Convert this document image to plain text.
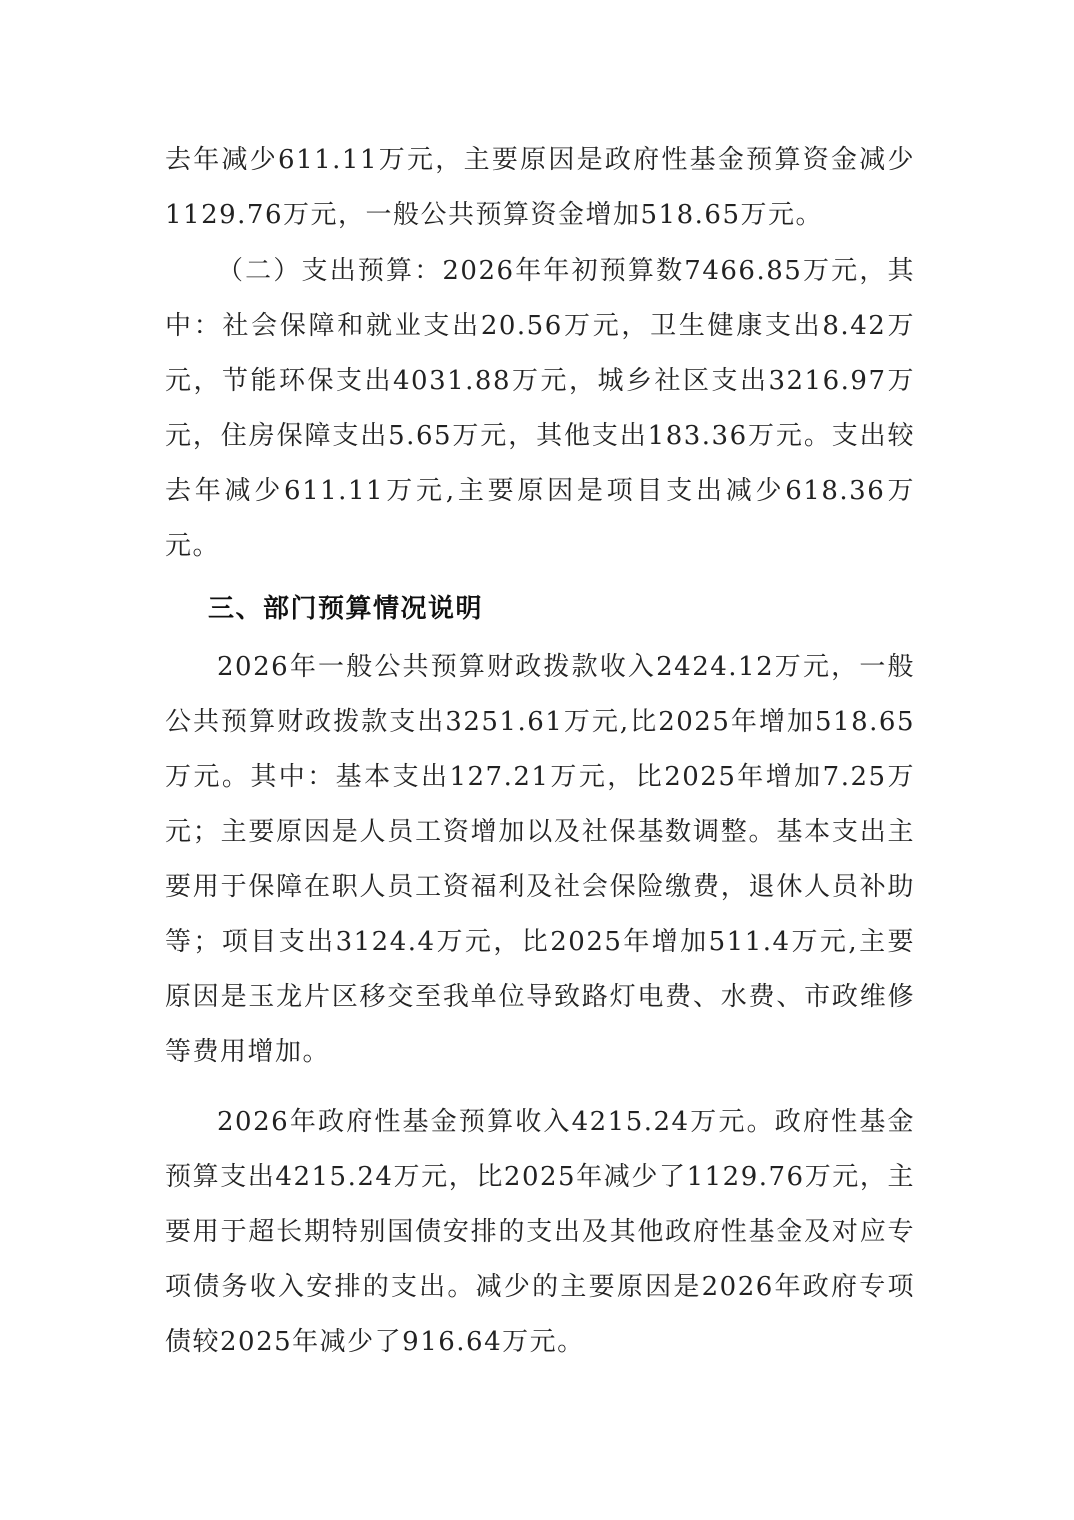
去年减少611.11万元，主要原因是政府性基金预算资金减少1129.76万元，一般公共预算资金增加518.65万元。

（二）支出预算：2026年年初预算数7466.85万元，其中：社会保障和就业支出20.56万元，卫生健康支出8.42万元，节能环保支出4031.88万元，城乡社区支出3216.97万元，住房保障支出5.65万元，其他支出183.36万元。支出较去年减少611.11万元,主要原因是项目支出减少618.36万元。

三、部门预算情况说明

2026年一般公共预算财政拨款收入2424.12万元，一般公共预算财政拨款支出3251.61万元,比2025年增加518.65万元。其中：基本支出127.21万元，比2025年增加7.25万元；主要原因是人员工资增加以及社保基数调整。基本支出主要用于保障在职人员工资福利及社会保险缴费，退休人员补助等；项目支出3124.4万元，比2025年增加511.4万元,主要原因是玉龙片区移交至我单位导致路灯电费、水费、市政维修等费用增加。

2026年政府性基金预算收入4215.24万元。政府性基金预算支出4215.24万元，比2025年减少了1129.76万元，主要用于超长期特别国债安排的支出及其他政府性基金及对应专项债务收入安排的支出。减少的主要原因是2026年政府专项债较2025年减少了916.64万元。
